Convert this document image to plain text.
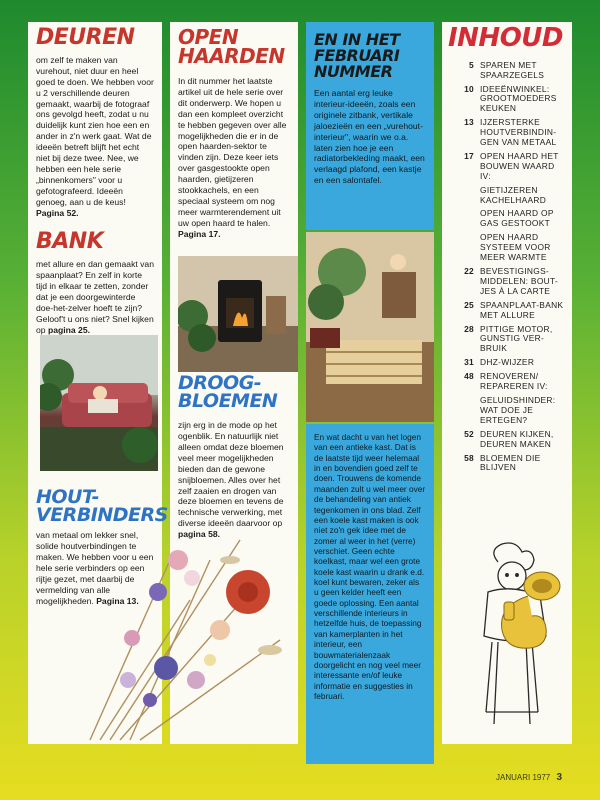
DEUREN

om zelf te maken van vurehout, niet duur en heel goed te doen. We hebben voor u 2 verschillende deuren gemaakt, waarbij de fotograaf ons gevolgd heeft, zodat u nu duidelijk kunt zien hoe een en ander in z'n werk gaat. Wat de ideeën betreft blijft het echt niet bij deze twee. Nee, we hebben een hele serie „binnenkomers" voor u gefotografeerd. Ideeën genoeg, aan u de keus! Pagina 52.

BANK

met allure en dan gemaakt van spaanplaat? En zelf in korte tijd in elkaar te zetten, zonder dat je een doorgewinterde doe-het-zelver hoeft te zijn? Geloof't u ons niet? Snel kijken op pagina 25.

HOUT-
VERBINDERS

van metaal om lekker snel, solide houtverbindingen te maken. We hebben voor u een hele serie verbinders op een rijtje gezet, met daarbij de vermelding van alle mogelijkheden. Pagina 13.

OPEN
HAARDEN

In dit nummer het laatste artikel uit de hele serie over dit onderwerp. We hopen u dan een kompleet overzicht te hebben gegeven over alle mogelijkheden die er in de open haarden-sektor te vinden zijn. Deze keer iets over gasgestookte open haarden, gietijzeren stookkachels, en een speciaal systeem om nog meer warmterendement uit uw open haard te halen. Pagina 17.

DROOG-
BLOEMEN

zijn erg in de mode op het ogenblik. En natuurlijk niet alleen omdat deze bloemen veel meer mogelijkheden bieden dan de gewone snijbloemen. Alles over het zelf zaaien en drogen van deze bloemen en tevens de technische verwerking, met diverse ideeën daarvoor op pagina 58.

EN IN HET
FEBRUARI
NUMMER

Een aantal erg leuke interieur-ideeën, zoals een originele zitbank, vertikale jaloezieën en een „vurehout-interieur", waarin we o.a. laten zien hoe je een radiatorbekleding maakt, een verlaagd plafond, een kastje en een salontafel.

En wat dacht u van het logen van een antieke kast. Dat is de laatste tijd weer helemaal in en bovendien goed zelf te doen. Trouwens de komende maanden zult u wel meer over de behandeling van antiek tegenkomen in ons blad. Zelf een koele kast maken is ook niet zo'n gek idee met de zomer al weer in het (verre) verschiet. Geen echte koelkast, maar wel een grote koele kast waarin u drank e.d. koel kunt bewaren, zeker als u geen kelder heeft een goede oplossing. Een aantal verschillende interieurs in hetzelfde huis, de toepassing van kamerplanten in het interieur, een bouwmaterialenzaak doorgelicht en nog veel meer interessante en/of leuke informatie en suggesties in februari.

INHOUD
5 SPAREN MET SPAARZEGELS
10 IDEEËNWINKEL: GROOTMOEDERS KEUKEN
13 IJZERSTERKE HOUTVERBINDIN-GEN VAN METAAL
17 OPEN HAARD HET BOUWEN WAARD IV:
GIETIJZEREN KACHELHAARD
OPEN HAARD OP GAS GESTOOKT
OPEN HAARD SYSTEEM VOOR MEER WARMTE
22 BEVESTIGINGS-MIDDELEN: BOUT-JES À LA CARTE
25 SPAANPLAAT-BANK MET ALLURE
28 PITTIGE MOTOR, GUNSTIG VER-BRUIK
31 DHZ-WIJZER
48 RENOVEREN/ REPAREREN IV:
GELUIDSHINDER: WAT DOE JE ERTEGEN?
52 DEUREN KIJKEN, DEUREN MAKEN
58 BLOEMEN DIE BLIJVEN
JANUARI 1977 3
